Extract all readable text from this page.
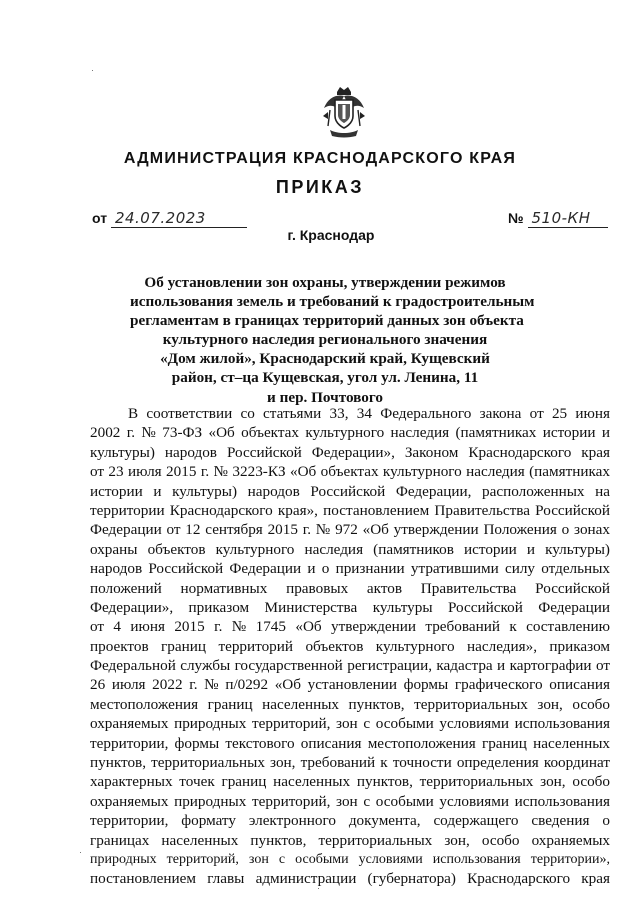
АДМИНИСТРАЦИЯ КРАСНОДАРСКОГО КРАЯ
ПРИКАЗ
от 24.07.2023	№ 510-КН
г. Краснодар
Об установлении зон охраны, утверждении режимов
использования земель и требований к градостроительным
регламентам в границах территорий данных зон объекта
культурного наследия регионального значения
«Дом жилой», Краснодарский край, Кущевский
район, ст–ца Кущевская, угол ул. Ленина, 11
и пер. Почтового
В соответствии со статьями 33, 34 Федерального закона от 25 июня
2002 г. № 73-ФЗ «Об объектах культурного наследия (памятниках истории и
культуры) народов Российской Федерации», Законом Краснодарского края
от 23 июля 2015 г. № 3223-КЗ «Об объектах культурного наследия (памятниках
истории и культуры) народов Российской Федерации, расположенных на
территории Краснодарского края», постановлением Правительства Российской
Федерации от 12 сентября 2015 г. № 972 «Об утверждении Положения о зонах
охраны объектов культурного наследия (памятников истории и культуры)
народов Российской Федерации и о признании утратившими силу отдельных
положений нормативных правовых актов Правительства Российской
Федерации», приказом Министерства культуры Российской Федерации
от 4 июня 2015 г. № 1745 «Об утверждении требований к составлению
проектов границ территорий объектов культурного наследия», приказом
Федеральной службы государственной регистрации, кадастра и картографии от
26 июля 2022 г. № п/0292 «Об установлении формы графического описания
местоположения границ населенных пунктов, территориальных зон, особо
охраняемых природных территорий, зон с особыми условиями использования
территории, формы текстового описания местоположения границ населенных
пунктов, территориальных зон, требований к точности определения координат
характерных точек границ населенных пунктов, территориальных зон, особо
охраняемых природных территорий, зон с особыми условиями использования
территории, формату электронного документа, содержащего сведения о
границах населенных пунктов, территориальных зон, особо охраняемых
природных территорий, зон с особыми условиями использования территории»,
постановлением главы администрации (губернатора) Краснодарского края
